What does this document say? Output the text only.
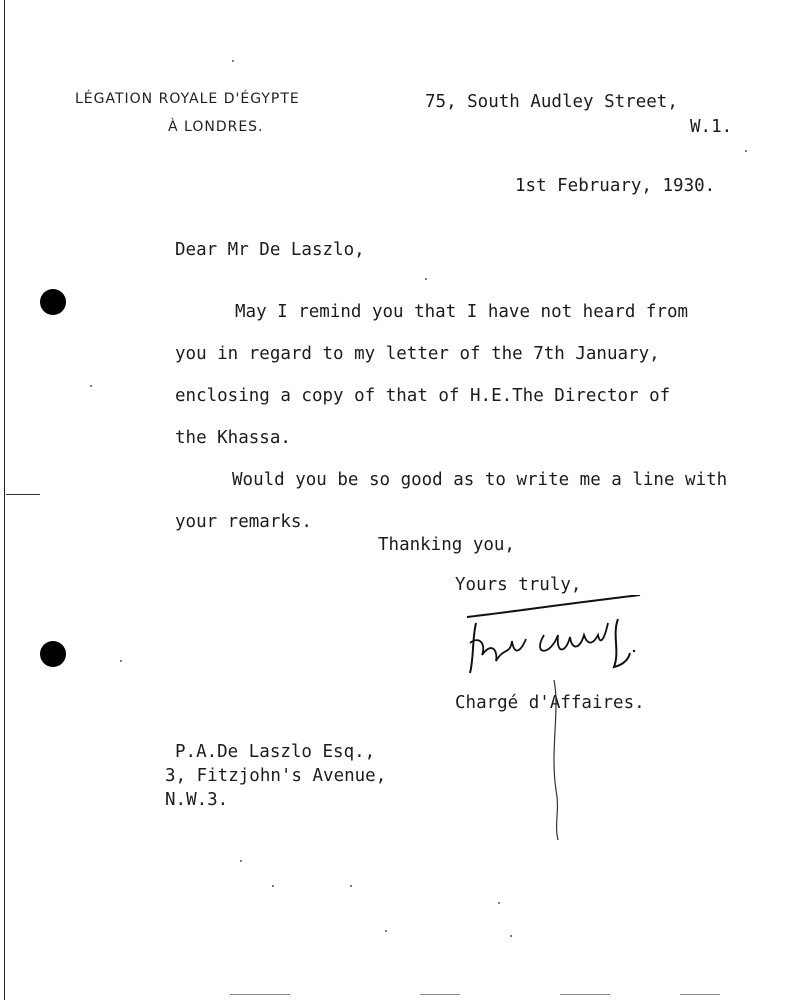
LÉGATION ROYALE D'ÉGYPTE
À LONDRES.
75, South Audley Street,
W.1.
1st February, 1930.
Dear Mr De Laszlo,
May I remind you that I have not heard from
you in regard to my letter of the 7th January,
enclosing a copy of that of H.E.The Director of
the Khassa.
Would you be so good as to write me a line with
your remarks.
Thanking you,
Yours truly,
Chargé d'Affaires.
P.A.De Laszlo Esq.,
3, Fitzjohn's Avenue,
N.W.3.
